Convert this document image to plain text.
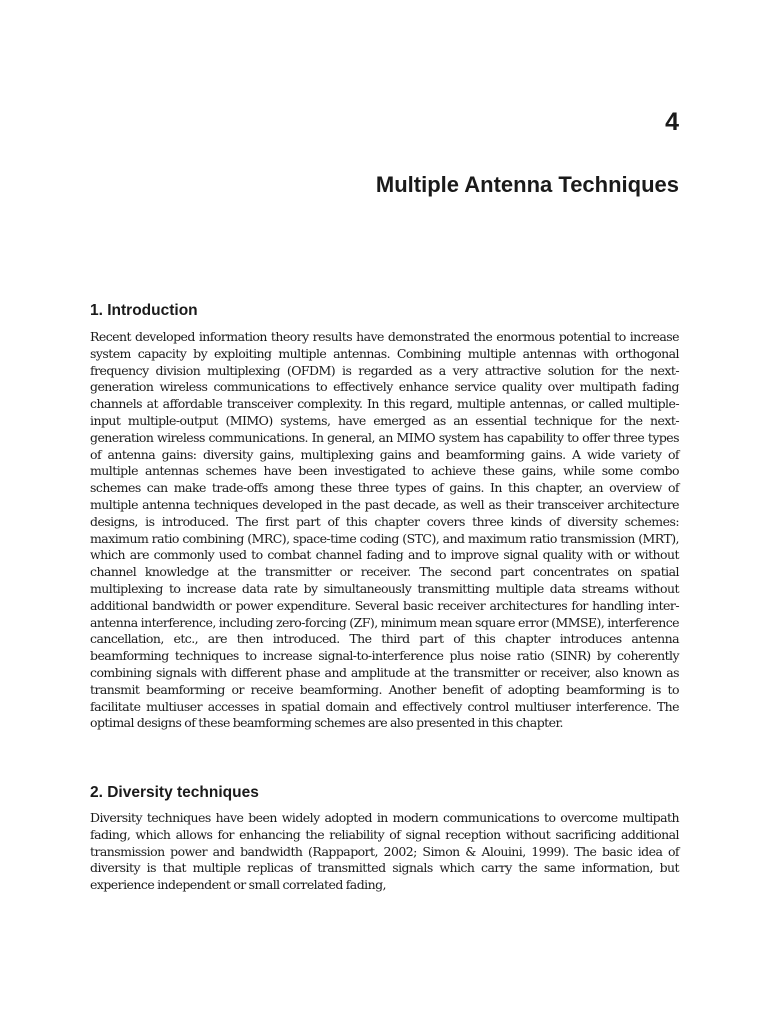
4
Multiple Antenna Techniques
1. Introduction

Recent developed information theory results have demonstrated the enormous potential to increase system capacity by exploiting multiple antennas. Combining multiple antennas with orthogonal frequency division multiplexing (OFDM) is regarded as a very attractive solution for the next-generation wireless communications to effectively enhance service quality over multipath fading channels at affordable transceiver complexity. In this regard, multiple antennas, or called multiple-input multiple-output (MIMO) systems, have emerged as an essential technique for the next-generation wireless communications. In general, an MIMO system has capability to offer three types of antenna gains: diversity gains, multiplexing gains and beamforming gains. A wide variety of multiple antennas schemes have been investigated to achieve these gains, while some combo schemes can make trade-offs among these three types of gains. In this chapter, an overview of multiple antenna techniques developed in the past decade, as well as their transceiver architecture designs, is introduced. The first part of this chapter covers three kinds of diversity schemes: maximum ratio combining (MRC), space-time coding (STC), and maximum ratio transmission (MRT), which are commonly used to combat channel fading and to improve signal quality with or without channel knowledge at the transmitter or receiver. The second part concentrates on spatial multiplexing to increase data rate by simultaneously transmitting multiple data streams without additional bandwidth or power expenditure. Several basic receiver architectures for handling inter-antenna interference, including zero-forcing (ZF), minimum mean square error (MMSE), interference cancellation, etc., are then introduced. The third part of this chapter introduces antenna beamforming techniques to increase signal-to-interference plus noise ratio (SINR) by coherently combining signals with different phase and amplitude at the transmitter or receiver, also known as transmit beamforming or receive beamforming. Another benefit of adopting beamforming is to facilitate multiuser accesses in spatial domain and effectively control multiuser interference. The optimal designs of these beamforming schemes are also presented in this chapter.

2. Diversity techniques

Diversity techniques have been widely adopted in modern communications to overcome multipath fading, which allows for enhancing the reliability of signal reception without sacrificing additional transmission power and bandwidth (Rappaport, 2002; Simon & Alouini, 1999). The basic idea of diversity is that multiple replicas of transmitted signals which carry the same information, but experience independent or small correlated fading,
